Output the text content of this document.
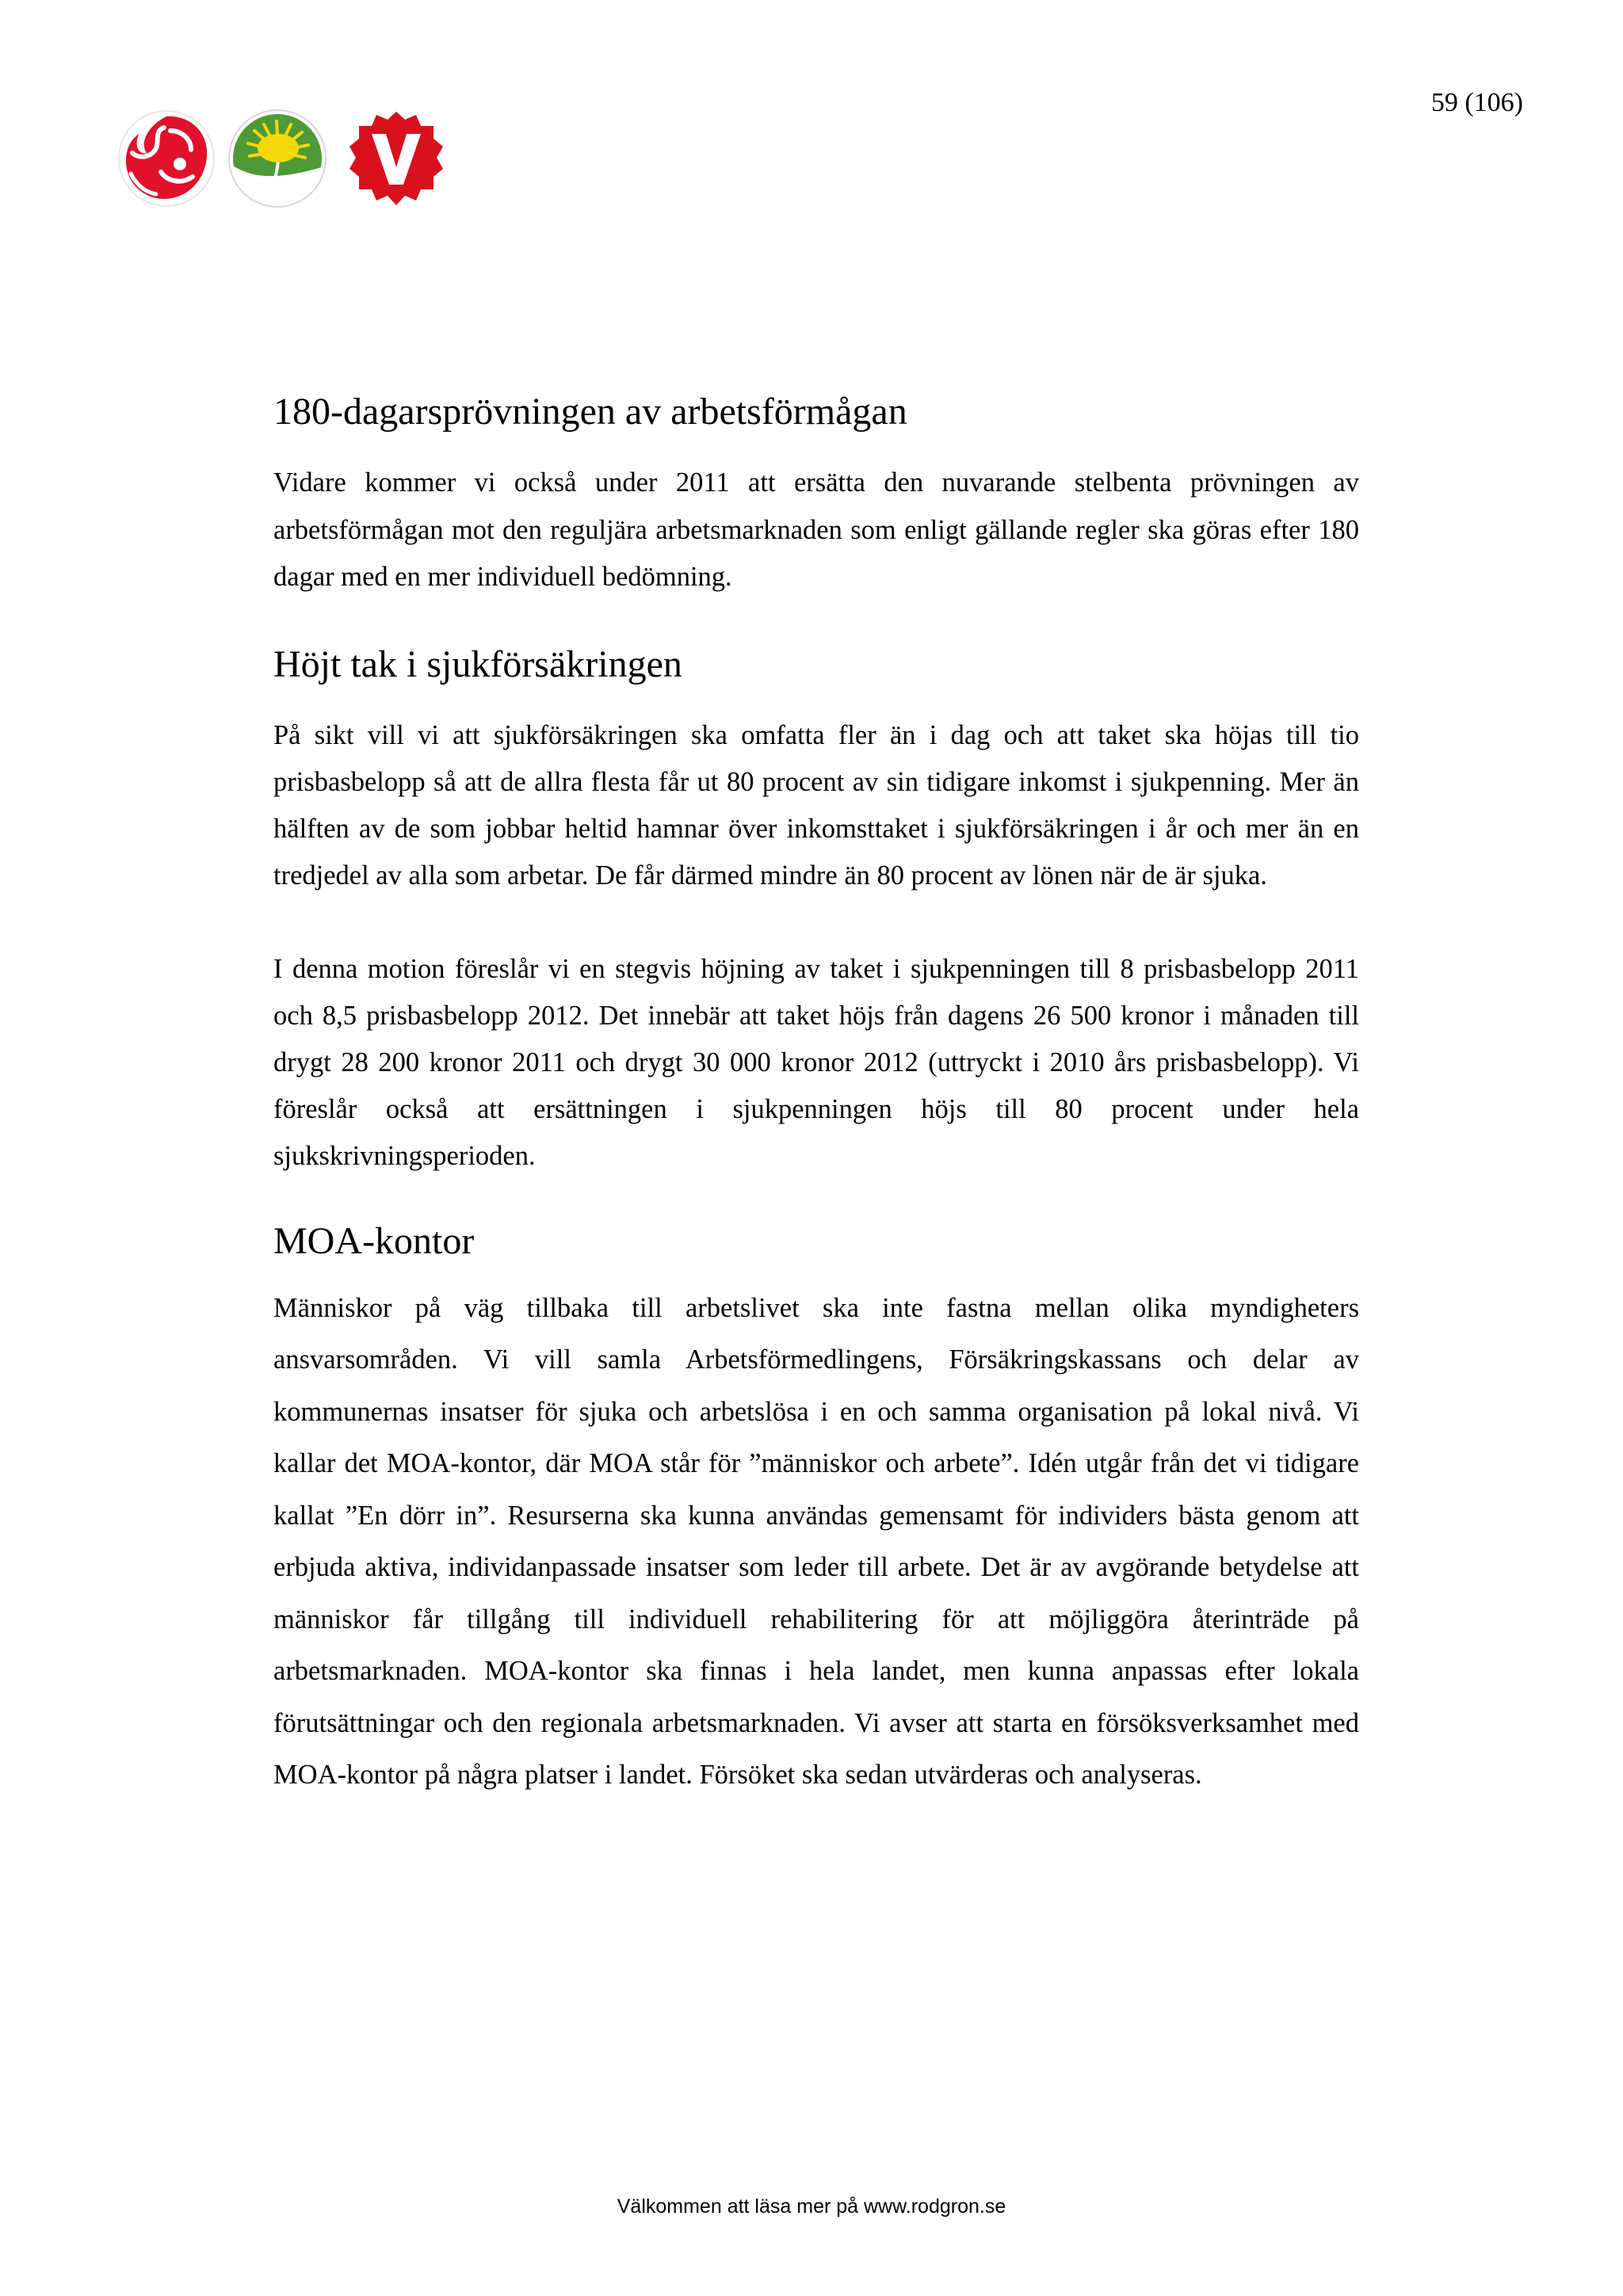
59 (106)
180-dagarsprövningen av arbetsförmågan

Vidare kommer vi också under 2011 att ersätta den nuvarande stelbenta prövningen av arbetsförmågan mot den reguljära arbetsmarknaden som enligt gällande regler ska göras efter 180 dagar med en mer individuell bedömning.

Höjt tak i sjukförsäkringen

På sikt vill vi att sjukförsäkringen ska omfatta fler än i dag och att taket ska höjas till tio prisbasbelopp så att de allra flesta får ut 80 procent av sin tidigare inkomst i sjukpenning. Mer än hälften av de som jobbar heltid hamnar över inkomsttaket i sjukförsäkringen i år och mer än en tredjedel av alla som arbetar. De får därmed mindre än 80 procent av lönen när de är sjuka.

I denna motion föreslår vi en stegvis höjning av taket i sjukpenningen till 8 prisbasbelopp 2011 och 8,5 prisbasbelopp 2012. Det innebär att taket höjs från dagens 26 500 kronor i månaden till drygt 28 200 kronor 2011 och drygt 30 000 kronor 2012 (uttryckt i 2010 års prisbasbelopp). Vi föreslår också att ersättningen i sjukpenningen höjs till 80 procent under hela sjukskrivningsperioden.

MOA-kontor

Människor på väg tillbaka till arbetslivet ska inte fastna mellan olika myndigheters ansvarsområden. Vi vill samla Arbetsförmedlingens, Försäkringskassans och delar av kommunernas insatser för sjuka och arbetslösa i en och samma organisation på lokal nivå. Vi kallar det MOA-kontor, där MOA står för ”människor och arbete”. Idén utgår från det vi tidigare kallat ”En dörr in”. Resurserna ska kunna användas gemensamt för individers bästa genom att erbjuda aktiva, individanpassade insatser som leder till arbete. Det är av avgörande betydelse att människor får tillgång till individuell rehabilitering för att möjliggöra återinträde på arbetsmarknaden. MOA-kontor ska finnas i hela landet, men kunna anpassas efter lokala förutsättningar och den regionala arbetsmarknaden. Vi avser att starta en försöksverksamhet med MOA-kontor på några platser i landet. Försöket ska sedan utvärderas och analyseras.

Välkommen att läsa mer på www.rodgron.se
